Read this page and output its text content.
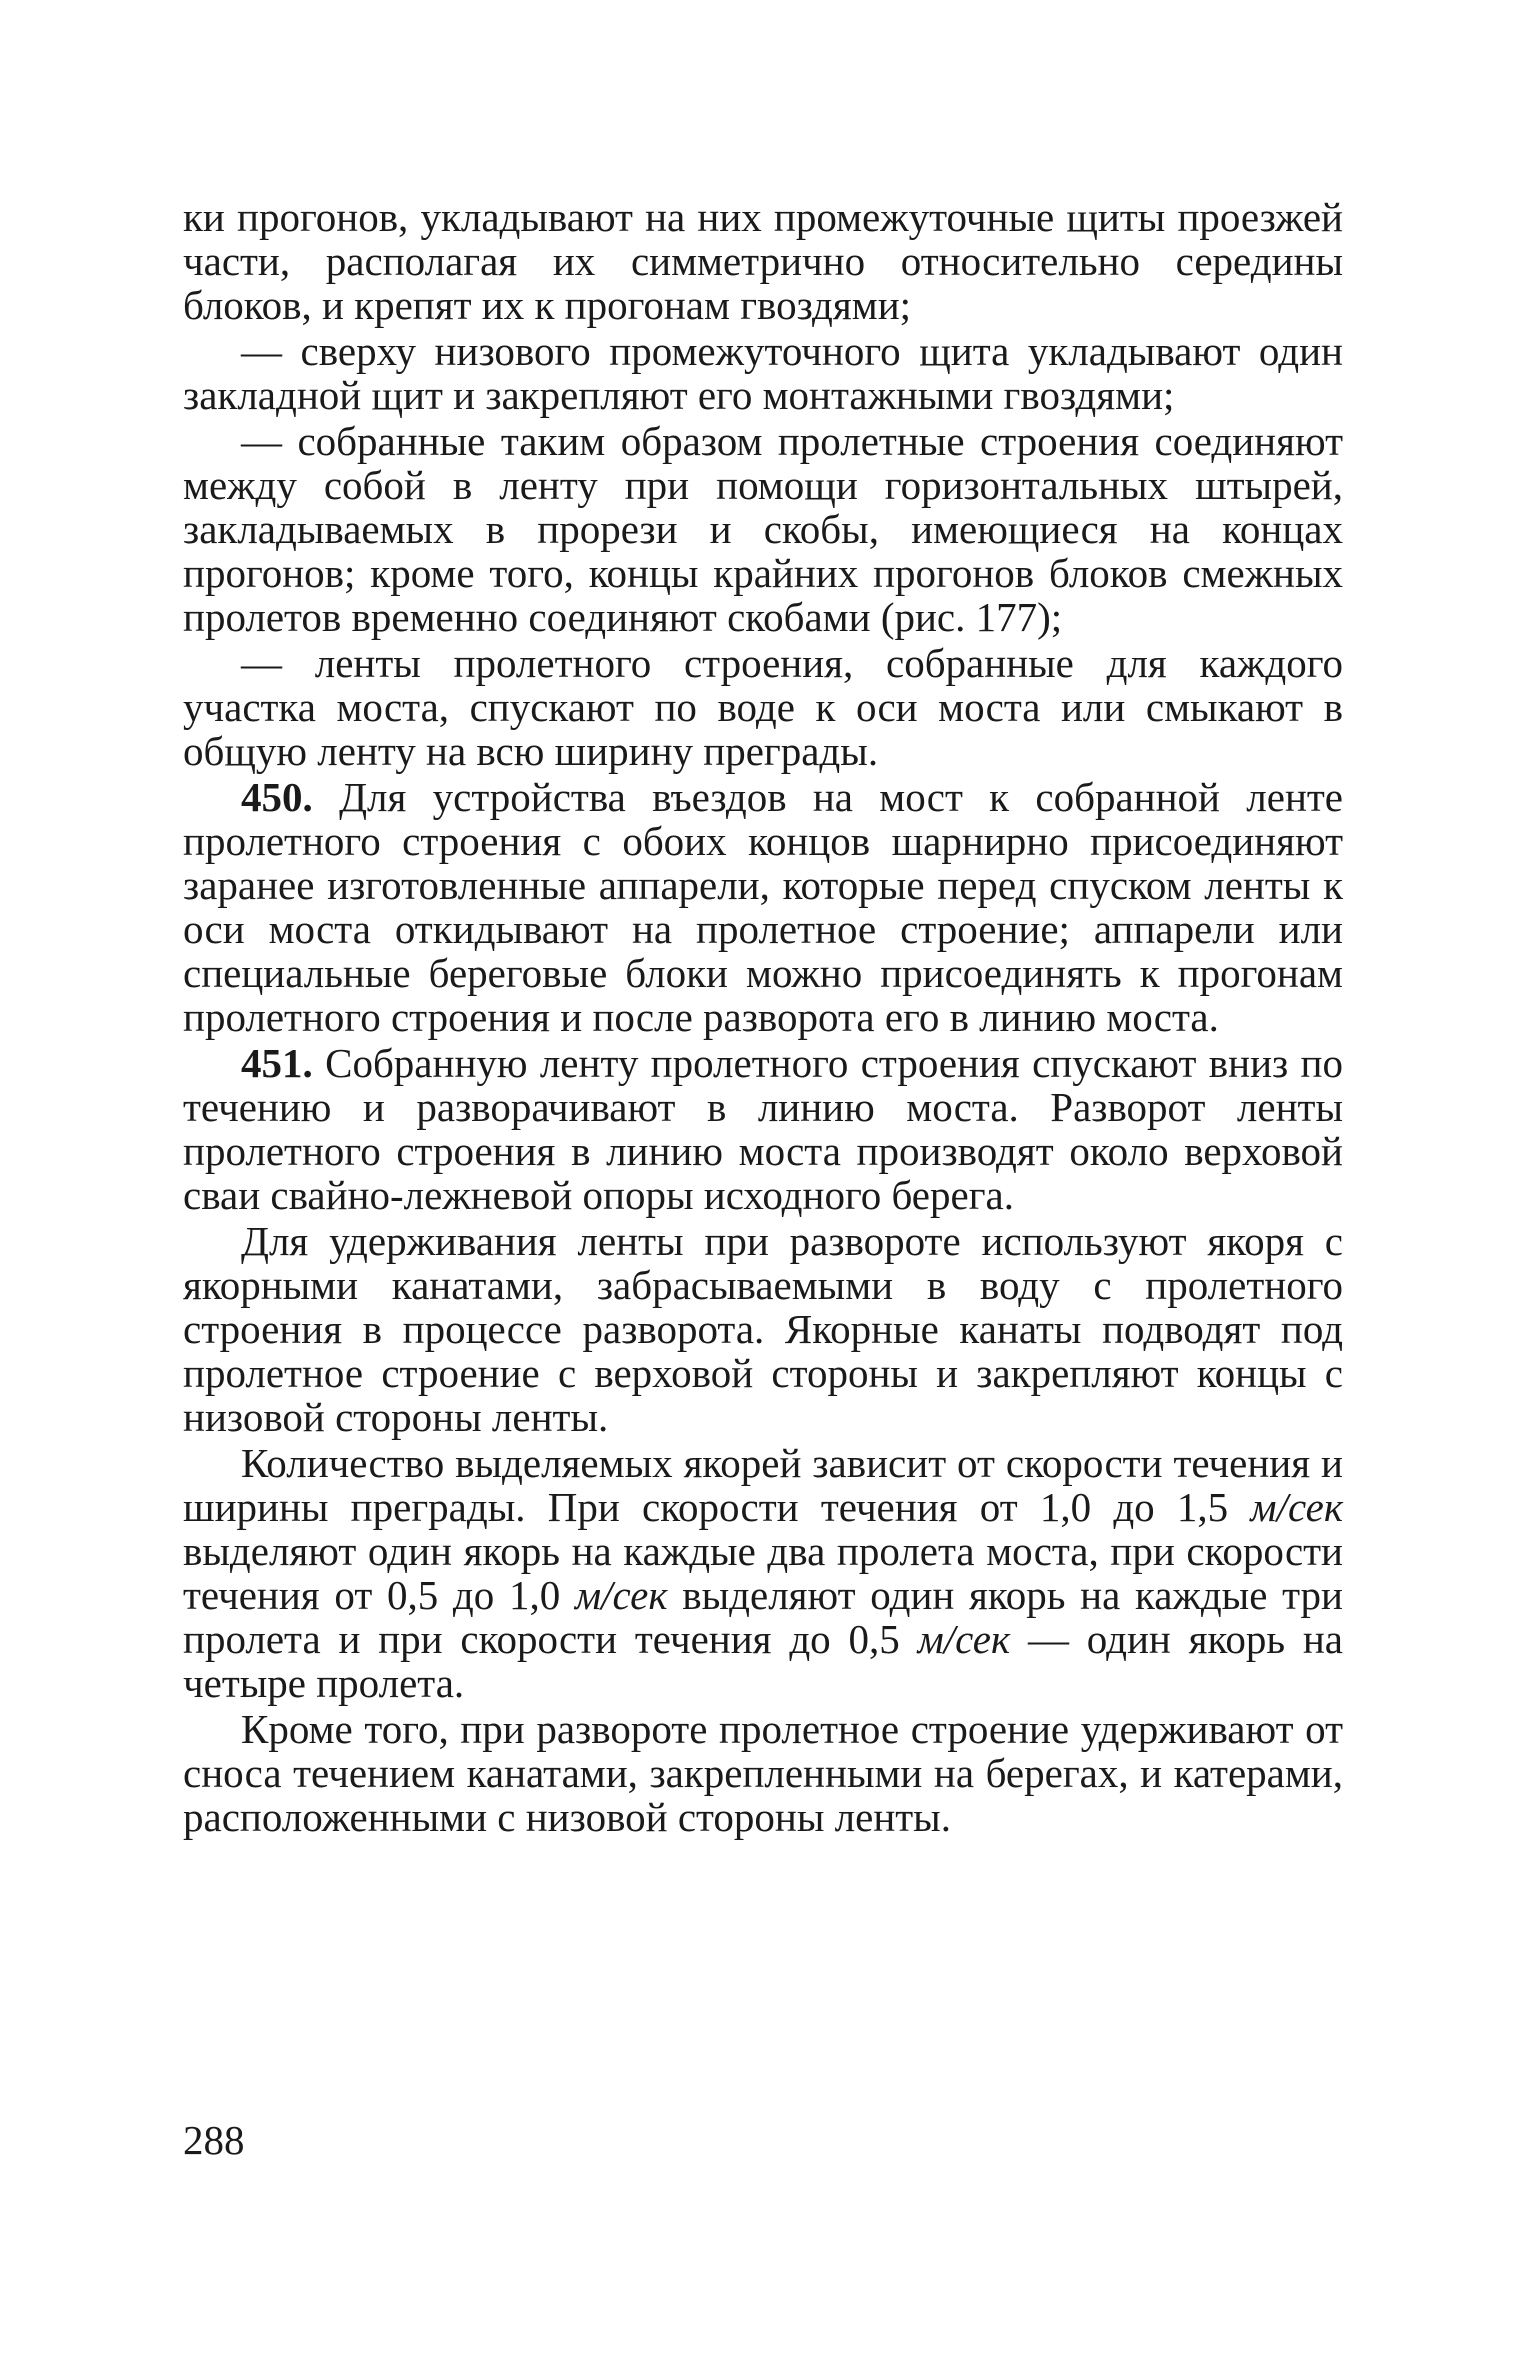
ки прогонов, укладывают на них промежуточные щиты проезжей части, располагая их симметрично относительно середины блоков, и крепят их к прогонам гвоздями;

— сверху низового промежуточного щита укладывают один закладной щит и закрепляют его монтажными гвоздями;

— собранные таким образом пролетные строения соединяют между собой в ленту при помощи горизонтальных штырей, закладываемых в прорези и скобы, имеющиеся на концах прогонов; кроме того, концы крайних прогонов блоков смежных пролетов временно соединяют скобами (рис. 177);

— ленты пролетного строения, собранные для каждого участка моста, спускают по воде к оси моста или смыкают в общую ленту на всю ширину преграды.

450. Для устройства въездов на мост к собранной ленте пролетного строения с обоих концов шарнирно присоединяют заранее изготовленные аппарели, которые перед спуском ленты к оси моста откидывают на пролетное строение; аппарели или специальные береговые блоки можно присоединять к прогонам пролетного строения и после разворота его в линию моста.

451. Собранную ленту пролетного строения спускают вниз по течению и разворачивают в линию моста. Разворот ленты пролетного строения в линию моста производят около верховой сваи свайно-лежневой опоры исходного берега.

Для удерживания ленты при развороте используют якоря с якорными канатами, забрасываемыми в воду с пролетного строения в процессе разворота. Якорные канаты подводят под пролетное строение с верховой стороны и закрепляют концы с низовой стороны ленты.

Количество выделяемых якорей зависит от скорости течения и ширины преграды. При скорости течения от 1,0 до 1,5 м/сек выделяют один якорь на каждые два пролета моста, при скорости течения от 0,5 до 1,0 м/сек выделяют один якорь на каждые три пролета и при скорости течения до 0,5 м/сек — один якорь на четыре пролета.

Кроме того, при развороте пролетное строение удерживают от сноса течением канатами, закрепленными на берегах, и катерами, расположенными с низовой стороны ленты.

288
